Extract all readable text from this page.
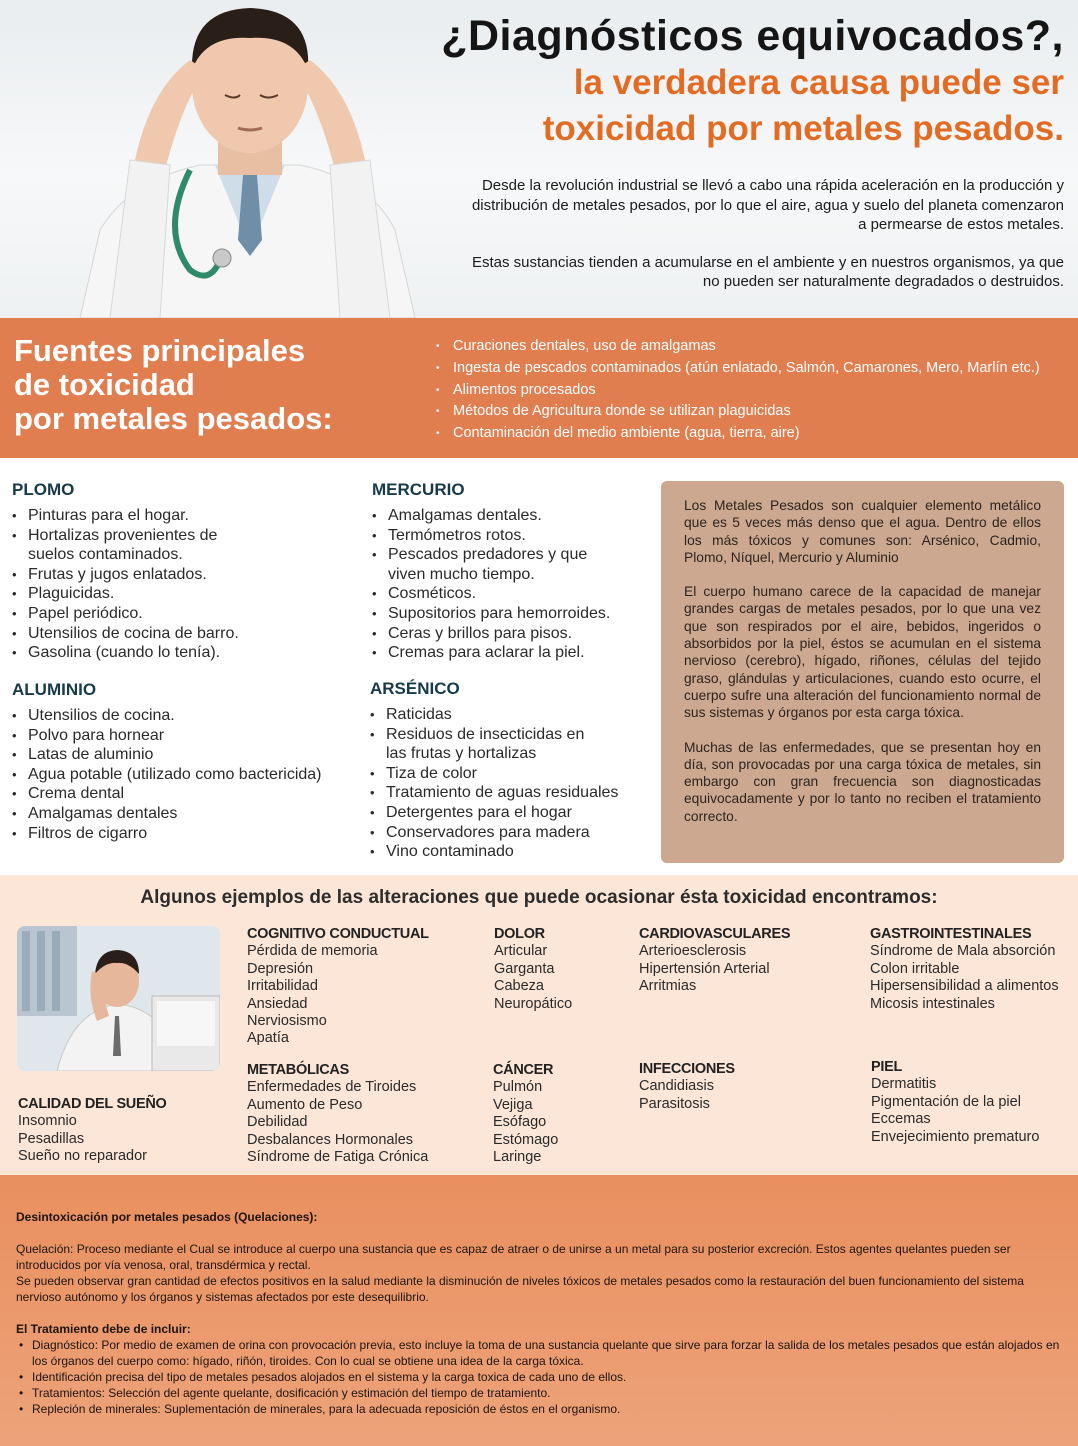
¿Diagnósticos equivocados?,
la verdadera causa puede ser
toxicidad por metales pesados.

Desde la revolución industrial se llevó a cabo una rápida aceleración en la producción y distribución de metales pesados, por lo que el aire, agua y suelo del planeta comenzaron a permearse de estos metales.

Estas sustancias tienden a acumularse en el ambiente y en nuestros organismos, ya que no pueden ser naturalmente degradados o destruidos.

Fuentes principales
de toxicidad
por metales pesados:
• Curaciones dentales, uso de amalgamas
• Ingesta de pescados contaminados (atún enlatado, Salmón, Camarones, Mero, Marlín etc.)
• Alimentos procesados
• Métodos de Agricultura donde se utilizan plaguicidas
• Contaminación del medio ambiente (agua, tierra, aire)
PLOMO
• Pinturas para el hogar.
• Hortalizas provenientes de
suelos contaminados.
• Frutas y jugos enlatados.
• Plaguicidas.
• Papel periódico.
• Utensilios de cocina de barro.
• Gasolina (cuando lo tenía).
ALUMINIO
• Utensilios de cocina.
• Polvo para hornear
• Latas de aluminio
• Agua potable (utilizado como bactericida)
• Crema dental
• Amalgamas dentales
• Filtros de cigarro
MERCURIO
• Amalgamas dentales.
• Termómetros rotos.
• Pescados predadores y que
viven mucho tiempo.
• Cosméticos.
• Supositorios para hemorroides.
• Ceras y brillos para pisos.
• Cremas para aclarar la piel.
ARSÉNICO
• Raticidas
• Residuos de insecticidas en
las frutas y hortalizas
• Tiza de color
• Tratamiento de aguas residuales
• Detergentes para el hogar
• Conservadores para madera
• Vino contaminado

Los Metales Pesados son cualquier elemento metálico que es 5 veces más denso que el agua. Dentro de ellos los más tóxicos y comunes son: Arsénico, Cadmio, Plomo, Níquel, Mercurio y Aluminio

El cuerpo humano carece de la capacidad de manejar grandes cargas de metales pesados, por lo que una vez que son respirados por el aire, bebidos, ingeridos o absorbidos por la piel, éstos se acumulan en el sistema nervioso (cerebro), hígado, riñones, células del tejido graso, glándulas y articulaciones, cuando esto ocurre, el cuerpo sufre una alteración del funcionamiento normal de sus sistemas y órganos por esta carga tóxica.

Muchas de las enfermedades, que se presentan hoy en día, son provocadas por una carga tóxica de metales, sin embargo con gran frecuencia son diagnosticadas equivocadamente y por lo tanto no reciben el tratamiento correcto.

Algunos ejemplos de las alteraciones que puede ocasionar ésta toxicidad encontramos:
CALIDAD DEL SUEÑO
Insomnio
Pesadillas
Sueño no reparador
COGNITIVO CONDUCTUAL
Pérdida de memoria
Depresión
Irritabilidad
Ansiedad
Nerviosismo
Apatía
DOLOR
Articular
Garganta
Cabeza
Neuropático
CARDIOVASCULARES
Arterioesclerosis
Hipertensión Arterial
Arritmias
GASTROINTESTINALES
Síndrome de Mala absorción
Colon irritable
Hipersensibilidad a alimentos
Micosis intestinales
METABÓLICAS
Enfermedades de Tiroides
Aumento de Peso
Debilidad
Desbalances Hormonales
Síndrome de Fatiga Crónica
CÁNCER
Pulmón
Vejiga
Esófago
Estómago
Laringe
INFECCIONES
Candidiasis
Parasitosis
PIEL
Dermatitis
Pigmentación de la piel
Eccemas
Envejecimiento prematuro
Desintoxicación por metales pesados (Quelaciones):
Quelación: Proceso mediante el Cual se introduce al cuerpo una sustancia que es capaz de atraer o de unirse a un metal para su posterior excreción. Estos agentes quelantes pueden ser introducidos por vía venosa, oral, transdérmica y rectal.
Se pueden observar gran cantidad de efectos positivos en la salud mediante la disminución de niveles tóxicos de metales pesados como la restauración del buen funcionamiento del sistema nervioso autónomo y los órganos y sistemas afectados por este desequilibrio.
El Tratamiento debe de incluir:
• Diagnóstico: Por medio de examen de orina con provocación previa, esto incluye la toma de una sustancia quelante que sirve para forzar la salida de los metales pesados que están alojados en los órganos del cuerpo como: hígado, riñón, tiroides. Con lo cual se obtiene una idea de la carga tóxica.
• Identificación precisa del tipo de metales pesados alojados en el sistema y la carga toxica de cada uno de ellos.
• Tratamientos: Selección del agente quelante, dosificación y estimación del tiempo de tratamiento.
• Repleción de minerales: Suplementación de minerales, para la adecuada reposición de éstos en el organismo.
